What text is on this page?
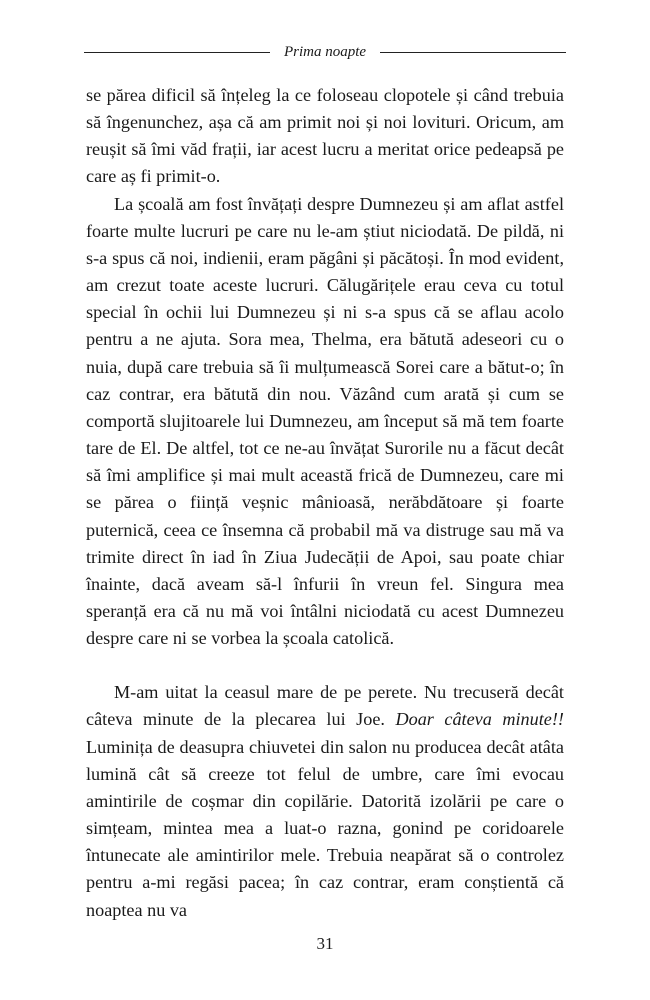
Prima noapte

se părea dificil să înțeleg la ce foloseau clopotele și când trebuia să îngenunchez, așa că am primit noi și noi lovituri. Oricum, am reușit să îmi văd frații, iar acest lucru a meritat orice pedeapsă pe care aș fi primit-o.

La școală am fost învățați despre Dumnezeu și am aflat astfel foarte multe lucruri pe care nu le-am știut niciodată. De pildă, ni s-a spus că noi, indienii, eram păgâni și păcătoși. În mod evident, am crezut toate aceste lucruri. Călugărițele erau ceva cu totul special în ochii lui Dumnezeu și ni s-a spus că se aflau acolo pentru a ne ajuta. Sora mea, Thelma, era bătută adeseori cu o nuia, după care trebuia să îi mulțumească Sorei care a bătut-o; în caz contrar, era bătută din nou. Văzând cum arată și cum se comportă slujitoarele lui Dumnezeu, am început să mă tem foarte tare de El. De altfel, tot ce ne-au învățat Surorile nu a făcut decât să îmi amplifice și mai mult această frică de Dumnezeu, care mi se părea o ființă veșnic mânioasă, nerăbdătoare și foarte puternică, ceea ce însemna că probabil mă va distruge sau mă va trimite direct în iad în Ziua Judecății de Apoi, sau poate chiar înainte, dacă aveam să-l înfurii în vreun fel. Singura mea speranță era că nu mă voi întâlni niciodată cu acest Dumnezeu despre care ni se vorbea la școala catolică.

M-am uitat la ceasul mare de pe perete. Nu trecuseră decât câteva minute de la plecarea lui Joe. Doar câteva minute!! Luminița de deasupra chiuvetei din salon nu producea decât atâta lumină cât să creeze tot felul de umbre, care îmi evocau amintirile de coșmar din copilărie. Datorită izolării pe care o simțeam, mintea mea a luat-o razna, gonind pe coridoarele întunecate ale amintirilor mele. Trebuia neapărat să o controlez pentru a-mi regăsi pacea; în caz contrar, eram conștientă că noaptea nu va

31
